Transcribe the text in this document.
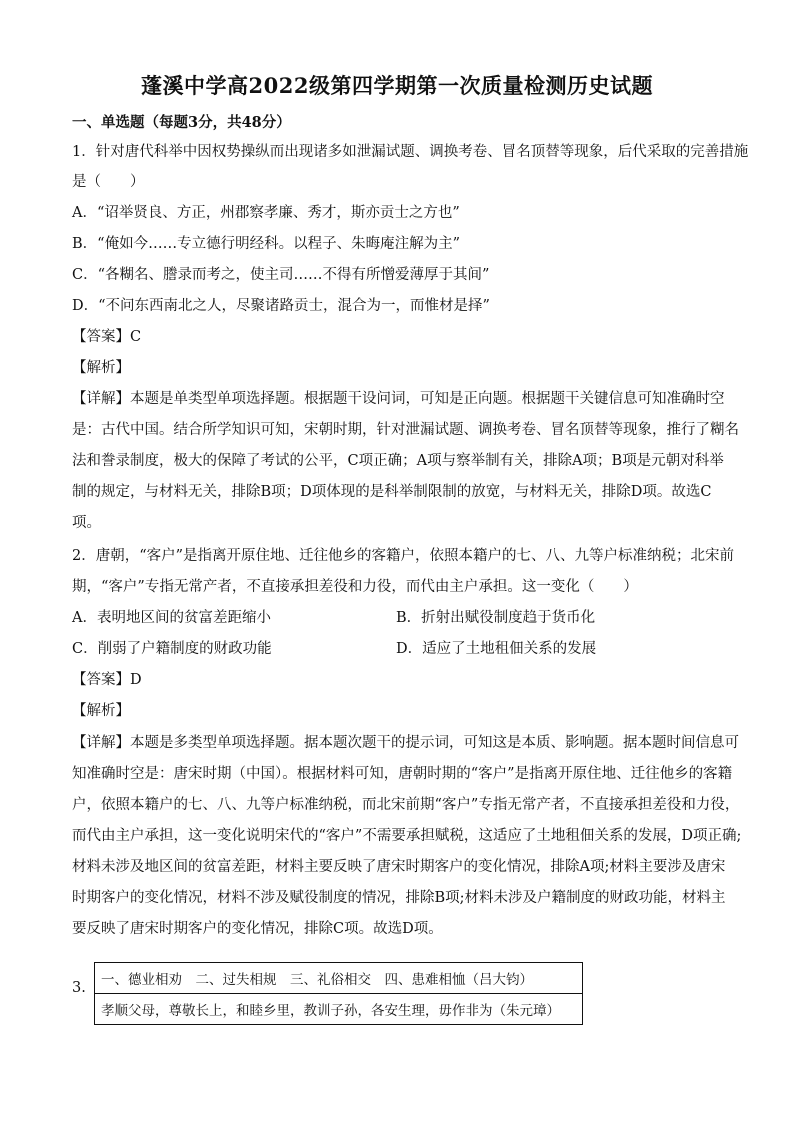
蓬溪中学高2022级第四学期第一次质量检测历史试题
一、单选题（每题3分，共48分）
1．针对唐代科举中因权势操纵而出现诸多如泄漏试题、调换考卷、冒名顶替等现象，后代采取的完善措施
是（　　）
A．“诏举贤良、方正，州郡察孝廉、秀才，斯亦贡士之方也”
B．“俺如今……专立德行明经科。以程子、朱晦庵注解为主”
C．“各糊名、謄录而考之，使主司……不得有所憎爱薄厚于其间”
D．“不问东西南北之人，尽聚诸路贡士，混合为一，而惟材是择”
【答案】C
【解析】
【详解】本题是单类型单项选择题。根据题干设问词，可知是正向题。根据题干关键信息可知准确时空
是：古代中国。结合所学知识可知，宋朝时期，针对泄漏试题、调换考卷、冒名顶替等现象，推行了糊名
法和誊录制度，极大的保障了考试的公平，C项正确；A项与察举制有关，排除A项；B项是元朝对科举
制的规定，与材料无关，排除B项；D项体现的是科举制限制的放宽，与材料无关，排除D项。故选C
项。
2．唐朝，“客户”是指离开原住地、迁往他乡的客籍户，依照本籍户的七、八、九等户标准纳税；北宋前
期，“客户”专指无常产者，不直接承担差役和力役，而代由主户承担。这一变化（　　）
A．表明地区间的贫富差距缩小	B．折射出赋役制度趋于货币化
C．削弱了户籍制度的财政功能	D．适应了土地租佃关系的发展
【答案】D
【解析】
【详解】本题是多类型单项选择题。据本题次题干的提示词，可知这是本质、影响题。据本题时间信息可
知准确时空是：唐宋时期（中国）。根据材料可知，唐朝时期的“客户”是指离开原住地、迁往他乡的客籍
户，依照本籍户的七、八、九等户标准纳税，而北宋前期“客户”专指无常产者，不直接承担差役和力役，
而代由主户承担，这一变化说明宋代的“客户”不需要承担赋税，这适应了土地租佃关系的发展，D项正确;
材料未涉及地区间的贫富差距，材料主要反映了唐宋时期客户的变化情况，排除A项;材料主要涉及唐宋
时期客户的变化情况，材料不涉及赋役制度的情况，排除B项;材料未涉及户籍制度的财政功能，材料主
要反映了唐宋时期客户的变化情况，排除C项。故选D项。
3. 一、德业相劝　二、过失相规　三、礼俗相交　四、患难相恤（吕大钧）
孝顺父母，尊敬长上，和睦乡里，教训子孙，各安生理，毋作非为（朱元璋）
